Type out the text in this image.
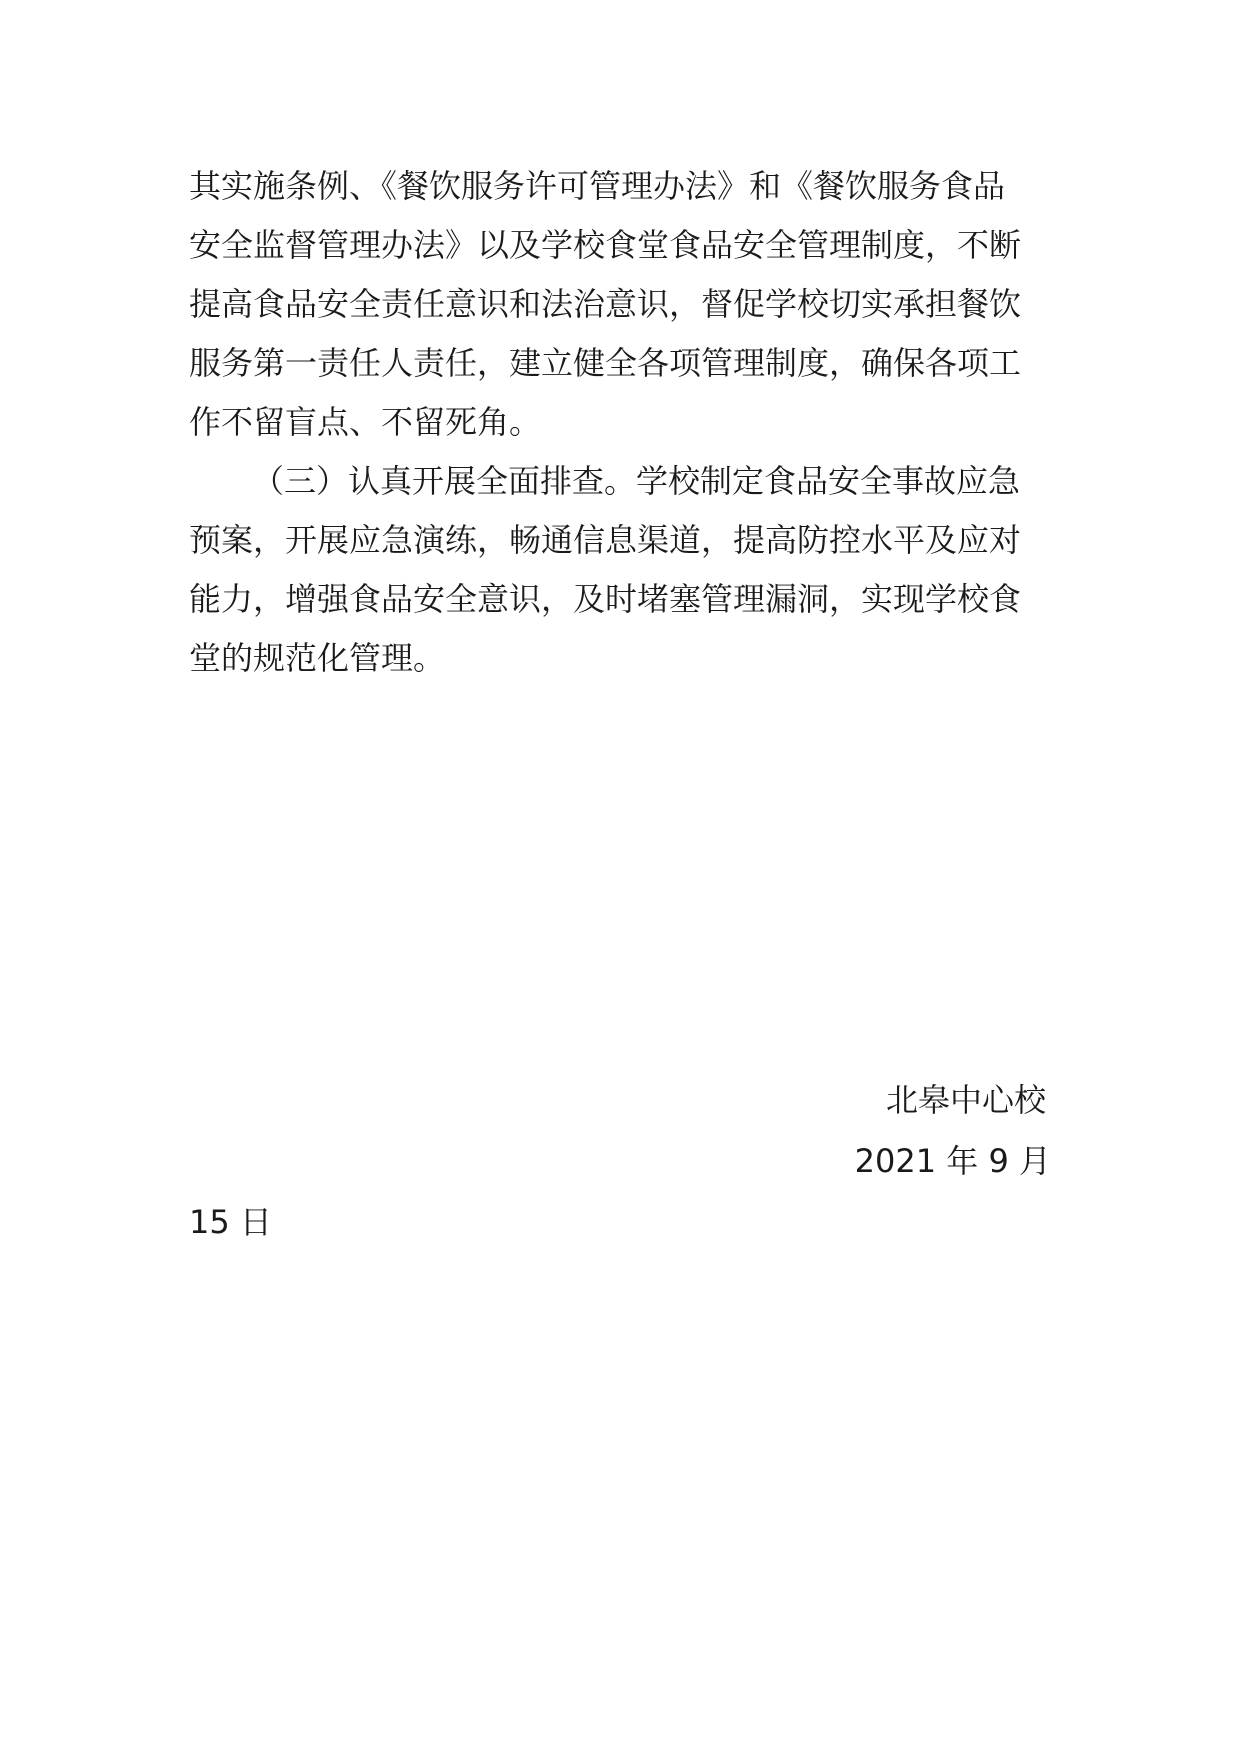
其实施条例、《餐饮服务许可管理办法》和《餐饮服务食品
安全监督管理办法》以及学校食堂食品安全管理制度，不断
提高食品安全责任意识和法治意识，督促学校切实承担餐饮
服务第一责任人责任，建立健全各项管理制度，确保各项工
作不留盲点、不留死角。
（三）认真开展全面排查。学校制定食品安全事故应急
预案，开展应急演练，畅通信息渠道，提高防控水平及应对
能力，增强食品安全意识，及时堵塞管理漏洞，实现学校食
堂的规范化管理。
北皋中心校
2021 年 9 月
15 日
